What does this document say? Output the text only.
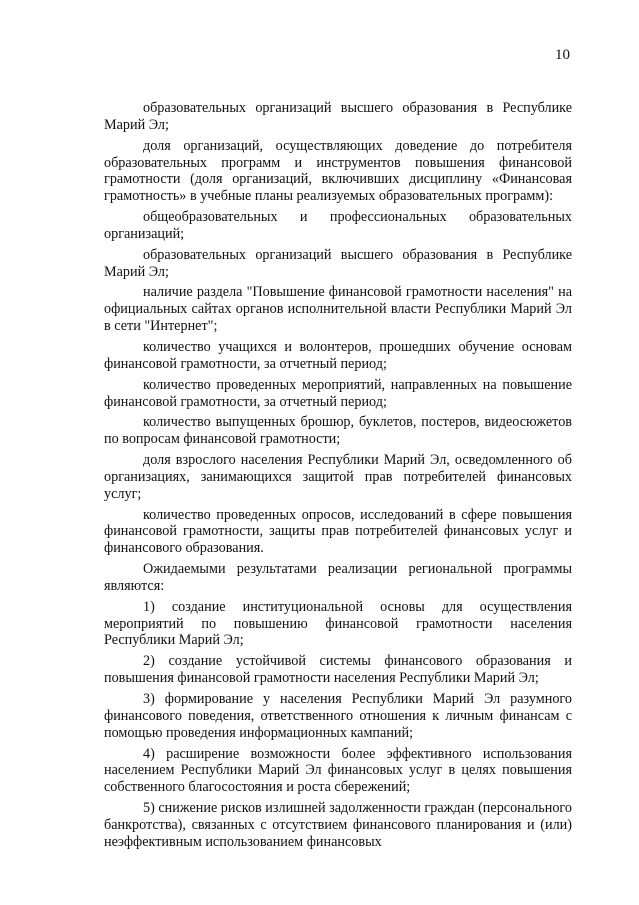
10

образовательных организаций высшего образования в Республике Марий Эл;

доля организаций, осуществляющих доведение до потребителя образовательных программ и инструментов повышения финансовой грамотности (доля организаций, включивших дисциплину «Финансовая грамотность» в учебные планы реализуемых образовательных программ):

общеобразовательных и профессиональных образовательных организаций;

образовательных организаций высшего образования в Республике Марий Эл;

наличие раздела "Повышение финансовой грамотности населения" на официальных сайтах органов исполнительной власти Республики Марий Эл в сети "Интернет";

количество учащихся и волонтеров, прошедших обучение основам финансовой грамотности, за отчетный период;

количество проведенных мероприятий, направленных на повышение финансовой грамотности, за отчетный период;

количество выпущенных брошюр, буклетов, постеров, видеосюжетов по вопросам финансовой грамотности;

доля взрослого населения Республики Марий Эл, осведомленного об организациях, занимающихся защитой прав потребителей финансовых услуг;

количество проведенных опросов, исследований в сфере повышения финансовой грамотности, защиты прав потребителей финансовых услуг и финансового образования.

Ожидаемыми результатами реализации региональной программы являются:

1) создание институциональной основы для осуществления мероприятий по повышению финансовой грамотности населения Республики Марий Эл;

2) создание устойчивой системы финансового образования и повышения финансовой грамотности населения Республики Марий Эл;

3) формирование у населения Республики Марий Эл разумного финансового поведения, ответственного отношения к личным финансам с помощью проведения информационных кампаний;

4) расширение возможности более эффективного использования населением Республики Марий Эл финансовых услуг в целях повышения собственного благосостояния и роста сбережений;

5) снижение рисков излишней задолженности граждан (персонального банкротства), связанных с отсутствием финансового планирования и (или) неэффективным использованием финансовых
